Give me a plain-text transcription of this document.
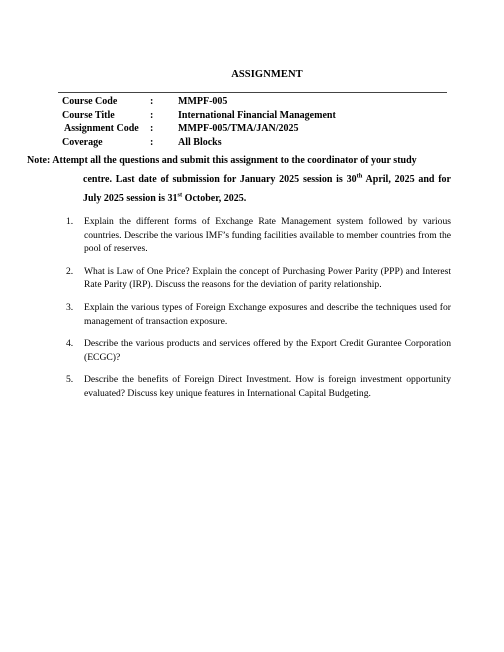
ASSIGNMENT
Course Code	: MMPF-005
Course Title	: International Financial Management
Assignment Code : MMPF-005/TMA/JAN/2025
Coverage	: All Blocks
Note: Attempt all the questions and submit this assignment to the coordinator of your study
centre. Last date of submission for January 2025 session is 30th April, 2025 and for July 2025 session is 31st October, 2025.
1. Explain the different forms of Exchange Rate Management system followed by various countries. Describe the various IMF’s funding facilities available to member countries from the pool of reserves.
2. What is Law of One Price? Explain the concept of Purchasing Power Parity (PPP) and Interest Rate Parity (IRP). Discuss the reasons for the deviation of parity relationship.
3. Explain the various types of Foreign Exchange exposures and describe the techniques used for management of transaction exposure.
4. Describe the various products and services offered by the Export Credit Gurantee Corporation (ECGC)?
5. Describe the benefits of Foreign Direct Investment. How is foreign investment opportunity evaluated? Discuss key unique features in International Capital Budgeting.
